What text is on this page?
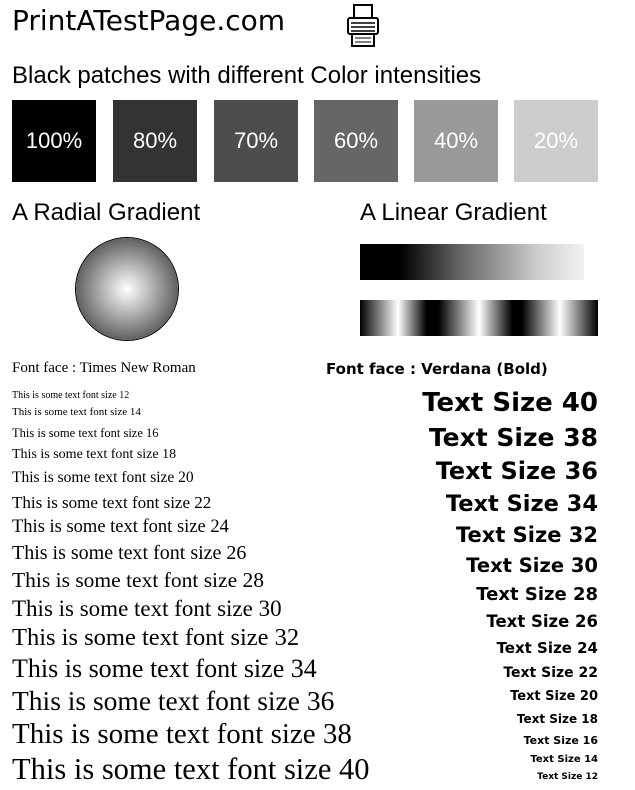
PrintATestPage.com
Black patches with different Color intensities
100%	80%	70%	60%	40%	20%
A Radial Gradient	A Linear Gradient
Font face : Times New Roman	Font face : Verdana (Bold)
This is some text font size 12
This is some text font size 14
This is some text font size 16
This is some text font size 18
This is some text font size 20
This is some text font size 22
This is some text font size 24
This is some text font size 26
This is some text font size 28
This is some text font size 30
This is some text font size 32
This is some text font size 34
This is some text font size 36
This is some text font size 38
This is some text font size 40
Text Size 40
Text Size 38
Text Size 36
Text Size 34
Text Size 32
Text Size 30
Text Size 28
Text Size 26
Text Size 24
Text Size 22
Text Size 20
Text Size 18
Text Size 16
Text Size 14
Text Size 12
